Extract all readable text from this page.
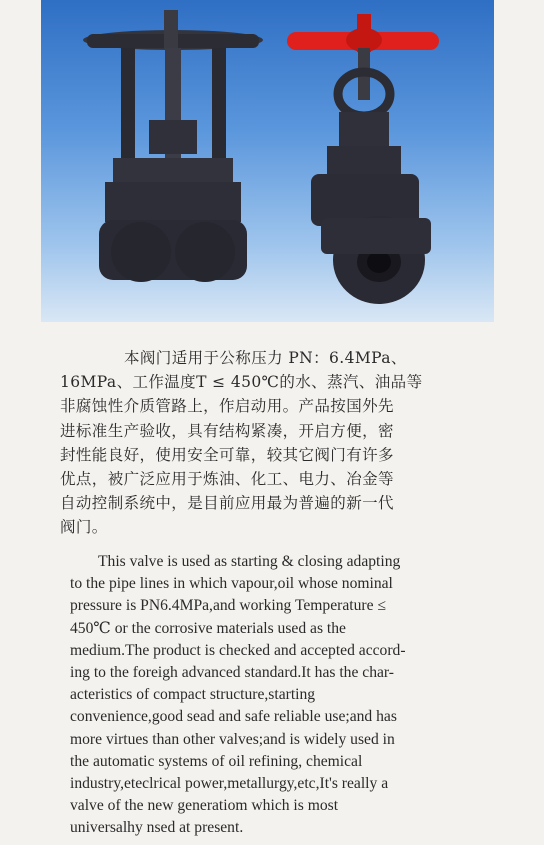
本阀门适用于公称压力 PN：6.4MPa、
16MPa、工作温度T ≤ 450℃的水、蒸汽、油品等
非腐蚀性介质管路上，作启动用。产品按国外先
进标准生产验收，具有结构紧凑，开启方便，密
封性能良好，使用安全可靠，较其它阀门有许多
优点，被广泛应用于炼油、化工、电力、冶金等
自动控制系统中，是目前应用最为普遍的新一代
阀门。
This valve is used as starting & closing adapting
to the pipe lines in which vapour,oil whose nominal
pressure is PN6.4MPa,and working Temperature ≤
450℃ or the corrosive materials used as the
medium.The product is checked and accepted accord-
ing to the foreigh advanced standard.It has the char-
acteristics of compact structure,starting
convenience,good sead and safe reliable use;and has
more virtues than other valves;and is widely used in
the automatic systems of oil refining, chemical
industry,eteclrical power,metallurgy,etc,It's really a
valve of the new generatiom which is most
universalhy nsed at present.
